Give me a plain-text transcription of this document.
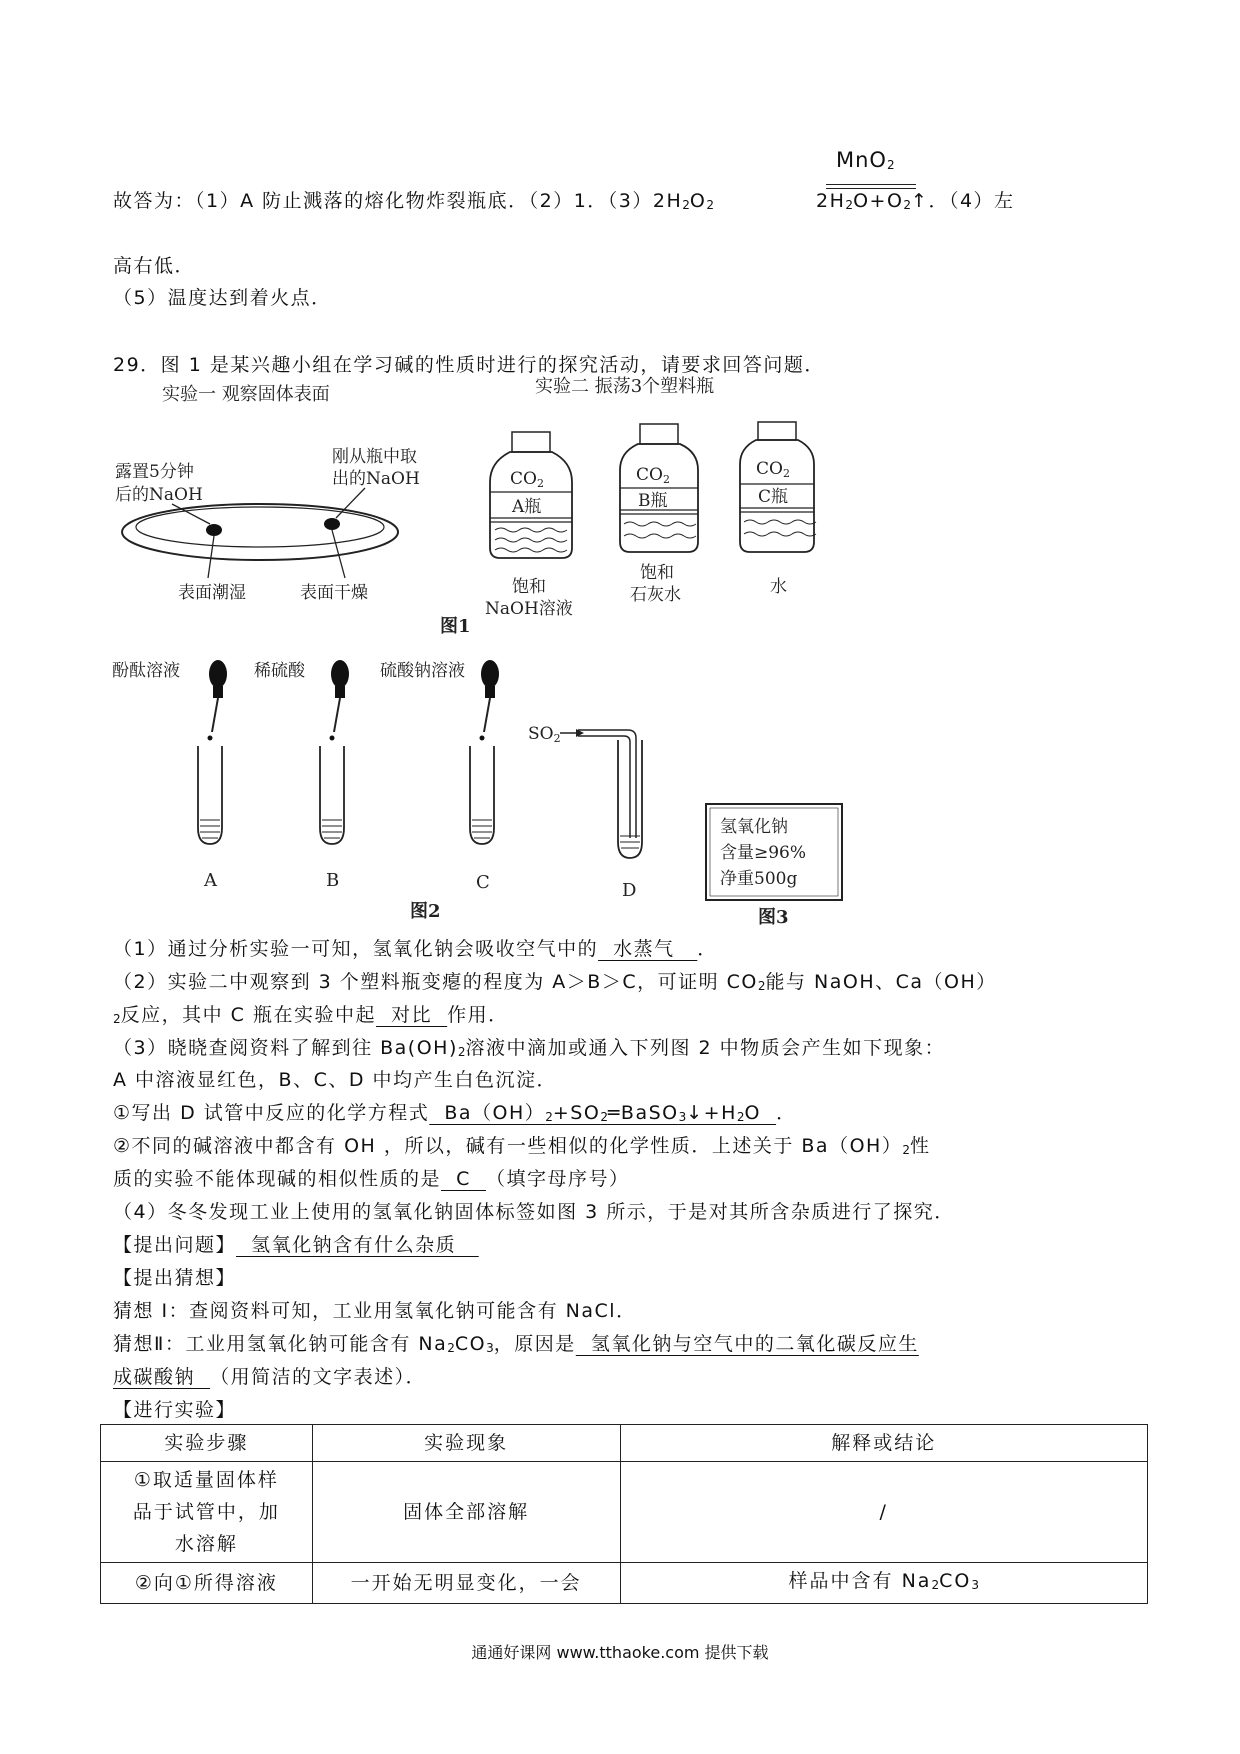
MnO$_2$
故答为：（1）A 防止溅落的熔化物炸裂瓶底．（2）1．$(3)2H_2O_2$	$2H_2O+O_2↑$．（4）左
高右低．
（5）温度达到着火点．
29．图 1 是某兴趣小组在学习碱的性质时进行的探究活动，请要求回答问题．
实验一 观察固体表面	实验二 振荡3个塑料瓶
露置5分钟
后的NaOH
刚从瓶中取
出的NaOH
表面潮湿	表面干燥
CO2
A瓶
饱和
NaOH溶液
CO2
B瓶
饱和
石灰水
CO2
C瓶
水
图1
酚酞溶液	稀硫酸	硫酸钠溶液
SO2
A	B	C	D
图2
氢氧化钠
含量≥96%
净重500g
图3
（1）通过分析实验一可知，氢氧化钠会吸收空气中的  水蒸气   ．
（2）实验二中观察到 3 个塑料瓶变瘪的程度为 A＞B＞C，可证明 $CO_2$能与 NaOH、Ca（OH）
$_2$反应，其中 C 瓶在实验中起  对比  作用．
（3）晓晓查阅资料了解到往 $Ba(OH)_2$溶液中滴加或通入下列图 2 中物质会产生如下现象：
A 中溶液显红色，B、C、D 中均产生白色沉淀．
①写出 D 试管中反应的化学方程式  $Ba(OH)_2+SO_2═BaSO_3↓+H_2O$  ．
②不同的碱溶液中都含有 OH ，所以，碱有一些相似的化学性质．上述关于 $Ba(OH)_2$性
质的实验不能体现碱的相似性质的是  C  （填字母序号）
（4）冬冬发现工业上使用的氢氧化钠固体标签如图 3 所示，于是对其所含杂质进行了探究．
【提出问题】  氢氧化钠含有什么杂质
【提出猜想】
猜想 I：查阅资料可知，工业用氢氧化钠可能含有 NaCl．
猜想Ⅱ：工业用氢氧化钠可能含有 $Na_2CO_3$，原因是  氢氧化钠与空气中的二氧化碳反应生
成碳酸钠  （用简洁的文字表述）．
【进行实验】
实验步骤	实验现象	解释或结论
①取适量固体样
品于试管中，加
水溶解	固体全部溶解	/
②向①所得溶液	一开始无明显变化，一会	样品中含有 $Na_2CO_3$
通通好课网 www.tthaoke.com 提供下载
